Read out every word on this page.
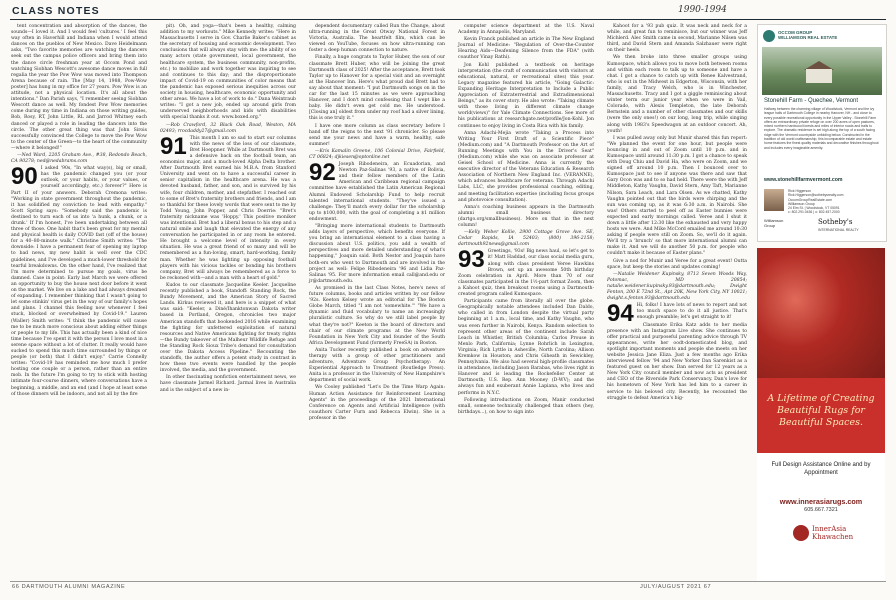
CLASS NOTES	1990-1994

tent concentration and absorption of the dances, the sounds—I loved it. And I would feel 'cultures.' I feel this way often in Haverhill and Indiana when I would attend dances on the pueblos of New Mexico. Dave Heidelmann asks, "Two favorite memories are watching the dancers seek out the campus police officers and bring them into the dance circle freshman year at Occom Pond and watching Siobhan Wescott's awesome dance moves in full regalia the year the Pow Wow was moved into Thompson Arena because of rain. The [May 14, 1988, Pow-Wow poster] has hung in my office for 27 years. Pow Wow is an attitude, not a physical location. It's all about the intentions." Dan Parish says, "I remember seeing Siobhan Wescott dance as well. My fondest Pow Wow memories come during my time in Indiana on those writing guides, Bob, Rosy, RT, John Little, RL and Jarrod Whitney each danced or played a role in leading the dancers into the circle. The other great thing was that John Sirois successfully convinced the College to move the Pow Wow to the center of the Green—to the heart of the community—where it belonged!"

—Ned Ward, 2205 Graham Ave., #38, Redondo Beach, CA 90278; ned@nedabrams.com

90 I asked '90s, "In what way(s), big or small, has the pandemic changed you (or your outlook, or your habits, or your values, or yourself accordingly, etc.) forever?" Here is Part II of your answers. Deborah Cremona writes: "Working in state government throughout the pandemic, it has solidified my conviction to lead with empathy." Scott Spring says: "Somebody said the pandemic is destined to turn each of us into 'a hunk, a chunk, or a drunk.' If I'm honest, I've been undertaking between all three of those. One habit that's been great for my mental and physical health is daily COVID fast (off of the house) for a 40–80-minute walk." Christine Smith writes: "The downside: I have a permanent fear of opening my laptop to bad news, my new habit is well over the CDC guidelines, and I've developed a much-lower threshold for tearful breakdowns. On the other hand, I've realized that I'm more determined to pursue my goals, virus be damned. Case in point: Early last March we were offered an opportunity to buy the house next door before it went on the market. We live on a lake and had always dreamed of expanding. I remember thinking that I wasn't going to let some stinkin' virus get in the way of our family's hopes and plans. I channel this feeling now whenever I feel stuck, blocked or overwhelmed by Covid-19." Lauren (Waller) Smith writes: "I think the pandemic will cause me to be much more conscious about adding either things or people to my life. This has actually been a kind of nice time because I've spent it with the person I love most in a serene space without a lot of clutter. It really would have sucked to spend this much time surrounded by things or people (or both) that I didn't enjoy." Carrie Connelly writes: "Covid-19 has reminded me how much I prefer hosting one couple or a person, rather than an entire mob. In the future I'm going to try to stick with hosting intimate four-course dinners, where conversations have a beginning, a middle, and an end (and I hope at least some of those dinners will be indoors, and not all by the fire

pit). Oh, and yoga—that's been a healthy, calming addition to my workouts." Mike Kennedy writes: "Here in Massachusetts I serve in Gov. Charlie Baker's cabinet as the secretary of housing and economic development. Two conclusions that will always stay with me: the ability of so many actors (state government, local government, the healthcare system, the business community, non-profits, etc.) to mobilize and work together was inspiring to see and continues to this day; and the disproportionate impact of Covid-19 on communities of color means that the pandemic has exposed serious inequities across our society in housing, healthcare, economic opportunity and other areas. We have a lot of work to do." Dana Weintraub writes: "I got a new job, ended up around girls from underserved neighborhoods and kids with disabilities with special thanks it out. www.boxed.org."

—Rob Crawford, 32 Black Oak Road, Weston, MA 02493; rrocdaddy27@gmail.com

91 This month I am so sad to start our columns with the news of the loss of our classmate, Bret Hoeppner. While at Dartmouth Bret was a defensive back on the football team, an economics major, and a much-loved Alpha Delta brother. After Dartmouth Bret earned his M.B.A. from Stanford University and went on to have a successful career in senior capitalism in the healthcare arena. He was a devoted husband, father, and son, and is survived by his wife, four children, mother, and stepfather. I reached out to some of Bret's fraternity brothers and friends, and I am so thankful for these lovely words that were sent to me by Todd Young, John Popper, and Chris Doerrie: "Bret's fraternity nickname was 'Hoppy.' This positive moniker was intentional. Bret had a liberal bonus to his step and a natural smile and laugh that elevated the energy of any conversation he participated in or any room he entered. He brought a welcome level of intensity in every situation. He was a great friend of so many and will be remembered as a fun-loving, smart, hard-working, family man. Whether he was lighting up opposing football players with his vicious tackles or bonding his brothers company, Bret will always be remembered as a force to be reckoned with—and a man with a heart of gold."

Kudos to our classmate Jacqueline Keeler. Jacqueline recently published a book, Standoff: Standing Rock, the Bundy Movement, and the American Story of Sacred Lands. Kirkus reviewed it, and here is a snippet of what was said: "Keeler, a Diné/Ihanktonwan Dakota writer based in Portland, Oregon, chronicles two major American standoffs that bookended 2016 while examining the fighting for unfettered exploitation of natural resources and Native Americans fighting for treaty rights—the Bundy takeover of the Malheur Wildlife Refuge and the Standing Rock Sioux Tribe's demand for consultation over the Dakota Access Pipeline." Recounting the standoffs, the author offers a potent study in contrast in how these two events were handled by the people involved, the media, and the government.

In other fascinating nonfiction entertainment news, we have classmate Jarmel Richard. Jarmal lives in Australia and is the subject of a new in-

dependent documentary called Run the Change, about ultra-running in the Great Otway National Forest in Victoria, Australia. The heartfelt film, which can be viewed on YouTube, focuses on how ultra-running can foster a deep human connection to nature.

Finally, a huge congrats to Taylor Huber, the son of our classmate Brett Huber, who will be joining the great Dartmouth class of 2025! After the acceptance, Brett took Taylor up to Hanover for a special visit and an overnight at the Hanover Inn. Here's what proud dad Brett had to say about that moment: "I put Dartmouth songs on in the car for the last 15 minutes as we were approaching Hanover, and I don't mind confessing that I wept like a baby. He didn't even get cold me. He understood. [Closing an] oldest from under my roof had a silver lining, this is one truly it."

I have one more column as class secretary before I hand off the reigns to the next '91 chronicler. So please send me your news and have a warm, healthy, safe summer!

—Kris Kamalin Greene, 106 Colonial Drive, Fairfield, CT 06824; djkiesen@optonline.net

92 Joseph Ribodeneira, an Ecuadorian, and Newton Paz-Salinas '93, a native of Bolivia, and their fellow members of the Latin American and Caribbean regional campaign committee have established the Latin American Regional Alumni Endowed Scholarship Fund to help recruit talented international students. "They've issued a challenge: They'll match every dollar for the scholarship up to $100,000, with the goal of completing a $1 million endowment.

"Bringing more international students to Dartmouth adds layers of perspective, which benefits everyone. If you bring an international element to a class having a discussion about U.S. politics, you add a wealth of perspectives and more detailed understanding of what's happening," Joaquin said. Both Nestor and Joaquin have both-ers who went to Dartmouth and are involved in the project as well: Felipe Ribodeneira '96 and Lidia Paz-Salinas '95. For more information email call@and.edu or jr@dartmouth.edu.

As promised in the last Class Notes, here's news of future columns, books and articles written by our fellow '92s. Keeton Kelsey wrote an editorial for The Boston Globe March, titled "I am not 'somewhite.'" "We have a dynamic and fluid vocabulary to name an increasingly pluralistic culture. So why do we still label people by what they're not?" Keeton is the board of directors and chair of our climate programs at the New World Foundation in New York City and founder of the South Africa Development Fund (formerly FreeSA) in Boston.

Anita Tucker recently published a book on adventure therapy with a group of other practitioners and adventure, Adventure Group Psychotherapy: An Experiential Approach to Treatment (Routledge Press). Anita is a professor in the University of New Hampshire's department of social work.

We Cooley published "Let's Do the Time Warp Again: Human Action Assistance for Reinforcement Learning Agents" in the proceedings of the 2021 International Conference on Agents and Artificial Intelligence (with coauthors Carter Furn and Rebecca Elwin). She is a professor in the

computer science department at the U.S. Naval Academy in Annapolis, Maryland.

Kevin Franck published an article in The New England Journal of Medicine: "Regulation of Over-the-Counter Hearing Aids—Deafening Silence from the FDA" (with coauthor Vinay Rathi).

Jon Kohl published a textbook on heritage interpretation (the craft of communication with visitors at educational, natural, or recreational sites) this year. Legacy magazine featured his article, "Going Galactic: Expanding Heritage Interpretation to Include a Public Appreciation of Extraterrestrial and Extradimensional Beings," as its cover story. He also wrote: "Taking climate with those living in different climate change world(views)" for Yale Climate Connections. See more of his publications at researchgate.net/profile/Jon-Kohl. Jon continues to enjoy living in Costa Rica with his family.

Anna Adachi-Mejia wrote "Taking a Process into Writing Your First Draft of a Scientific Piece" (Medium.com) and "A Dartmouth Professor on the Art of Running Meetings with You in the Driver's Seat" (Medium.com) while she was on associate professor at Geisel School of Medicine. Anna is currently the executive director of the Veterans Education & Research Association of Northern New England Inc. (VERANNE), which advances healthcare for veterans. Through Adachi Labs, LLC, she provides professional coaching, editing, and meeting facilitation expertise (including focus groups and photovoice consultation).

Anna's coaching business appears in the Dartmouth alumni small business directory (dartgo.org/smallbusiness). More on that in the next column!

—Kelly Weber Kollie, 2900 Cottage Grove Ave. SE, Cedar Rapids, IA 52403; (800) 396-2158; dartmouth92news@gmail.com

93 Greetings, '93s! Big news haul, so let's get to it! Matt Haddad, our class social media guru, along with class president Veree Hawkins Brown, set up an awesome 50th birthday Zoom celebration in April. More than 70 of our classmates participated in the 1½-part format Zoom, then a Kahoot quiz, then breakout rooms using a Dartmouth-created program called Kumospace.

Participants came from literally all over the globe. Geographically notable attendees included Dan Daldo, who called in from London despite the virtual party beginning at 1 a.m., local time, and Kathy Vaughn, who was even further in Nairobi, Kenya. Random selection to represent other areas of the continent include Sarah Leach in Whistler, British Columbia; Carlos Prouse in Menlo Park, California; Lynne Rohrlich in Lexington, Virginia; Rich Lyttle in Asheville, North Carolina; Allison Kremkow in Houston; and Chris Giheath in Sewickley, Pennsylvania. We also had several high-profile classmates in attendance, including Jason Barabas, who lives right in Hanover and is leading the Rockefeller Center at Dartmouth; U.S. Rep. Ann Mooney (D-WV); and the always fun and exuberant Annie Lapiana, who lives and performs in N.Y.C.

Following introductions on Zoom, Manir conducted small, someone technically challenged than others (hey, birthdays...), on how to sign into

Kahoot for a '93 pub quiz. It was neck and neck for a while, and great fun to reminisce, but our winner was Jeff Michlerd. Alec Smith came in second, Marianne Nilsen was third, and David Stern and Amanda Salzhauer were right on their heels.

We then broke into three smaller groups using Kumospace, which allows you to move both between rooms and within each room to talk up to someone and have a chat. I got a chance to catch up with Renee Kalvestrand, who is out in the Midwest in Edgerton, Wisconsin, with her family, and Tracy Welch, who is in Winchester, Massachusetts. Tracy and I got a giggle reminiscing about winter term our junior year when we were in Vail, Colorado, with Alexis Templeton, the late Deborah Bernstein and a number of other classmates and our skills (were the only ones!) on our long, long trip, while singing along with 1983's Speedwagon at an outdoor concert. Ah, youth!

I was pulled away only but Munir shared this fun report: "We planned the event for one hour, but people were bouncing in and out of Zoom until 10 p.m. and in Kumospace until around 11:30 p.m. I got a chance to speak with Doug Chiu and David Ha, who were on Zoom, and we signed off around 10 p.m. Then I bounced over to Kumospace just to see if anyone was there and saw that Gary Ocon was and to so had held. There were the with Jeff Middleton, Kathy Vaughn, David Stern, Amy Taft, Marianne Nilson, Sara Leach, and Lara Olsen. As we chatted, Kathy Vaughn pointed out that the birds were chirping and the sun was coming up, as it was 6:30 a.m. in Nairobi. She was! Others started to peel off as Easter bunnies were expected and early mornings called. Veree and I shut it down a little after 12:30 like the exhausted and very happy hosts we were. And Mike McCord emailed me around 10:30 asking if people were still on Zoom. So, we'll do it again. We'll try a 'brunch' so that more international alumni can make it. And we will do another 50 p.m. for people who couldn't make it because of Easter plans."

Give a nod for Munir and Veree for a great event! Outta space, but keep the stories and updates coming!

—Natalie Weidener Kupinsky, 8713 Seven Woods Way, Potomac, MD 20854; natalie.weidener.kupinsky.93@dartmouth.edu; Dwight Fenton, 200 E 72nd St., Apt 20K, New York City, NY 10021; dwight.s.fenton.93@dartmouth.edu

94 Hi, folks! I have lots of news to report and not too much space to do it all justice. That's enough preamble; let's get straight to it!

Classmate Erika Katz adds to her media presence with an Instagram Live show. She continues to offer practical and purposeful parenting advice through TV appearances, write her oodt-domesticated blog, and spotlight important moments and people she meets on her website Jessica Jane Eliza. Just a few months ago Erika interviewed fellow '94 and New Yorker Dan Sarenkist as a featured guest on her show. Dan served for 12 years as a New York City council member and now acts as president and CEO of the Riverside Park Conservancy. Dan's love for his hometown of New York has led him to a career in service to his beloved city. Recently, he recounted the struggle to defeat America's big-

OCCOM GROUP
WILLIAMSON REAL ESTATE
Stonehill Farm - Quechee, Vermont
Halfway between the charming village of Woodstock, Vermont and the ivy league halls of Dartmouth College in nearby Hanover, NH - and close to every possible recreational opportunity in the Upper Valley - Stonehill Farm offers an extraordinary private refuge on over 200 acres of open pastures, mixed northern hardwood forests and miles of interior roads and trails to explore. The dramatic residence is set high along the top of a south facing ridge with the Vermont countryside unfolding below. Constructed in the tradition of old world craftsmanship, this incomparable estate and estate home features the finest quality materials and decorative finishes throughout and includes every imaginable amenity.
www.stonehillfarmvermont.com
Rick Higgerson
Rick.Higgerson@sothebysrealty.com
OccomGroupRealEstate.com
Williamson Group
24 Elm St. | Woodstock, VT 05091
c: 802.291.0436 | o: 802.457.2000
Williamson
Group	Sotheby's
INTERNATIONAL REALTY
A Lifetime of Creating Beautiful Rugs for Beautiful Spaces.
Full Design Assistance Online and by Appointment
www.innerasiarugs.com
605.667.7321
InnerAsia
Khawachen
66 DARTMOUTH ALUMNI MAGAZINE	JULY/AUGUST 2021 67
